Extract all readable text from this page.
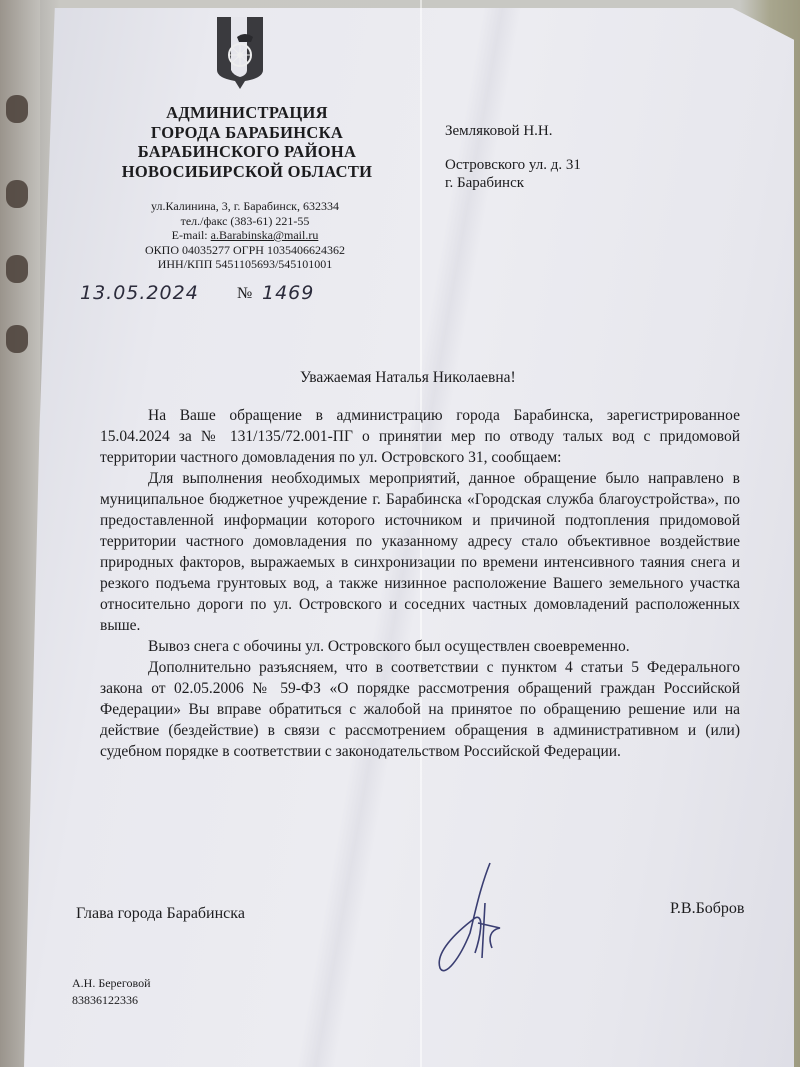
АДМИНИСТРАЦИЯ
ГОРОДА БАРАБИНСКА
БАРАБИНСКОГО РАЙОНА
НОВОСИБИРСКОЙ ОБЛАСТИ
ул.Калинина, 3, г. Барабинск, 632334
тел./факс (383-61) 221-55
E-mail: a.Barabinska@mail.ru
ОКПО 04035277 ОГРН 1035406624362
ИНН/КПП 5451105693/545101001
13.05.2024 № 1469
Земляковой Н.Н.
Островского ул. д. 31
г. Барабинск
Уважаемая Наталья Николаевна!

На Ваше обращение в администрацию города Барабинска, зарегистрированное 15.04.2024 за № 131/135/72.001-ПГ о принятии мер по отводу талых вод с придомовой территории частного домовладения по ул. Островского 31, сообщаем:

Для выполнения необходимых мероприятий, данное обращение было направлено в муниципальное бюджетное учреждение г. Барабинска «Городская служба благоустройства», по предоставленной информации которого источником и причиной подтопления придомовой территории частного домовладения по указанному адресу стало объективное воздействие природных факторов, выражаемых в синхронизации по времени интенсивного таяния снега и резкого подъема грунтовых вод, а также низинное расположение Вашего земельного участка относительно дороги по ул. Островского и соседних частных домовладений расположенных выше.

Вывоз снега с обочины ул. Островского был осуществлен своевременно.

Дополнительно разъясняем, что в соответствии с пунктом 4 статьи 5 Федерального закона от 02.05.2006 № 59-ФЗ «О порядке рассмотрения обращений граждан Российской Федерации» Вы вправе обратиться с жалобой на принятое по обращению решение или на действие (бездействие) в связи с рассмотрением обращения в административном и (или) судебном порядке в соответствии с законодательством Российской Федерации.

Глава города Барабинска	Р.В.Бобров
А.Н. Береговой
83836122336
